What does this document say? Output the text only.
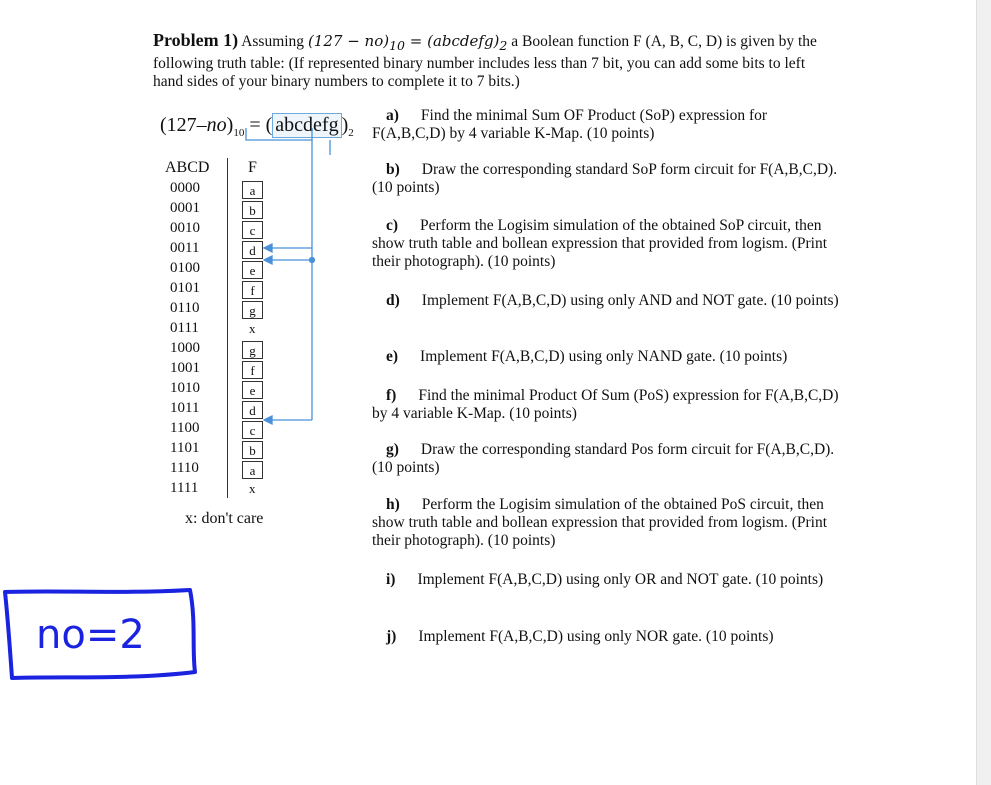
Problem 1) Assuming $(127 - no)_{10}$ = $(abcdefg)_2$ a Boolean function F (A, B, C, D) is given by the
following truth table: (If represented binary number includes less than 7 bit, you can add some bits to left
hand sides of your binary numbers to complete it to 7 bits.)
$(127-no)_{10}$ = ( abcdefg )$_2$
ABCD F
0000	a
0001	b
0010	c
0011	d
0100	e
0101	f
0110	g
0111	x
1000	g
1001	f
1010	e
1011	d
1100	c
1101	b
1110	a
1111	x
x: don't care
a) Find the minimal Sum OF Product (SoP) expression for F(A,B,C,D) by 4 variable K-Map. (10 points)
b) Draw the corresponding standard SoP form circuit for F(A,B,C,D). (10 points)
c) Perform the Logisim simulation of the obtained SoP circuit, then show truth table and bollean expression that provided from logism. (Print their photograph). (10 points)
d) Implement F(A,B,C,D) using only AND and NOT gate. (10 points)
e) Implement F(A,B,C,D) using only NAND gate. (10 points)
f) Find the minimal Product Of Sum (PoS) expression for F(A,B,C,D) by 4 variable K-Map. (10 points)
g) Draw the corresponding standard Pos form circuit for F(A,B,C,D). (10 points)
h) Perform the Logisim simulation of the obtained PoS circuit, then show truth table and bollean expression that provided from logism. (Print their photograph). (10 points)
i) Implement F(A,B,C,D) using only OR and NOT gate. (10 points)
j) Implement F(A,B,C,D) using only NOR gate. (10 points)
no=2
